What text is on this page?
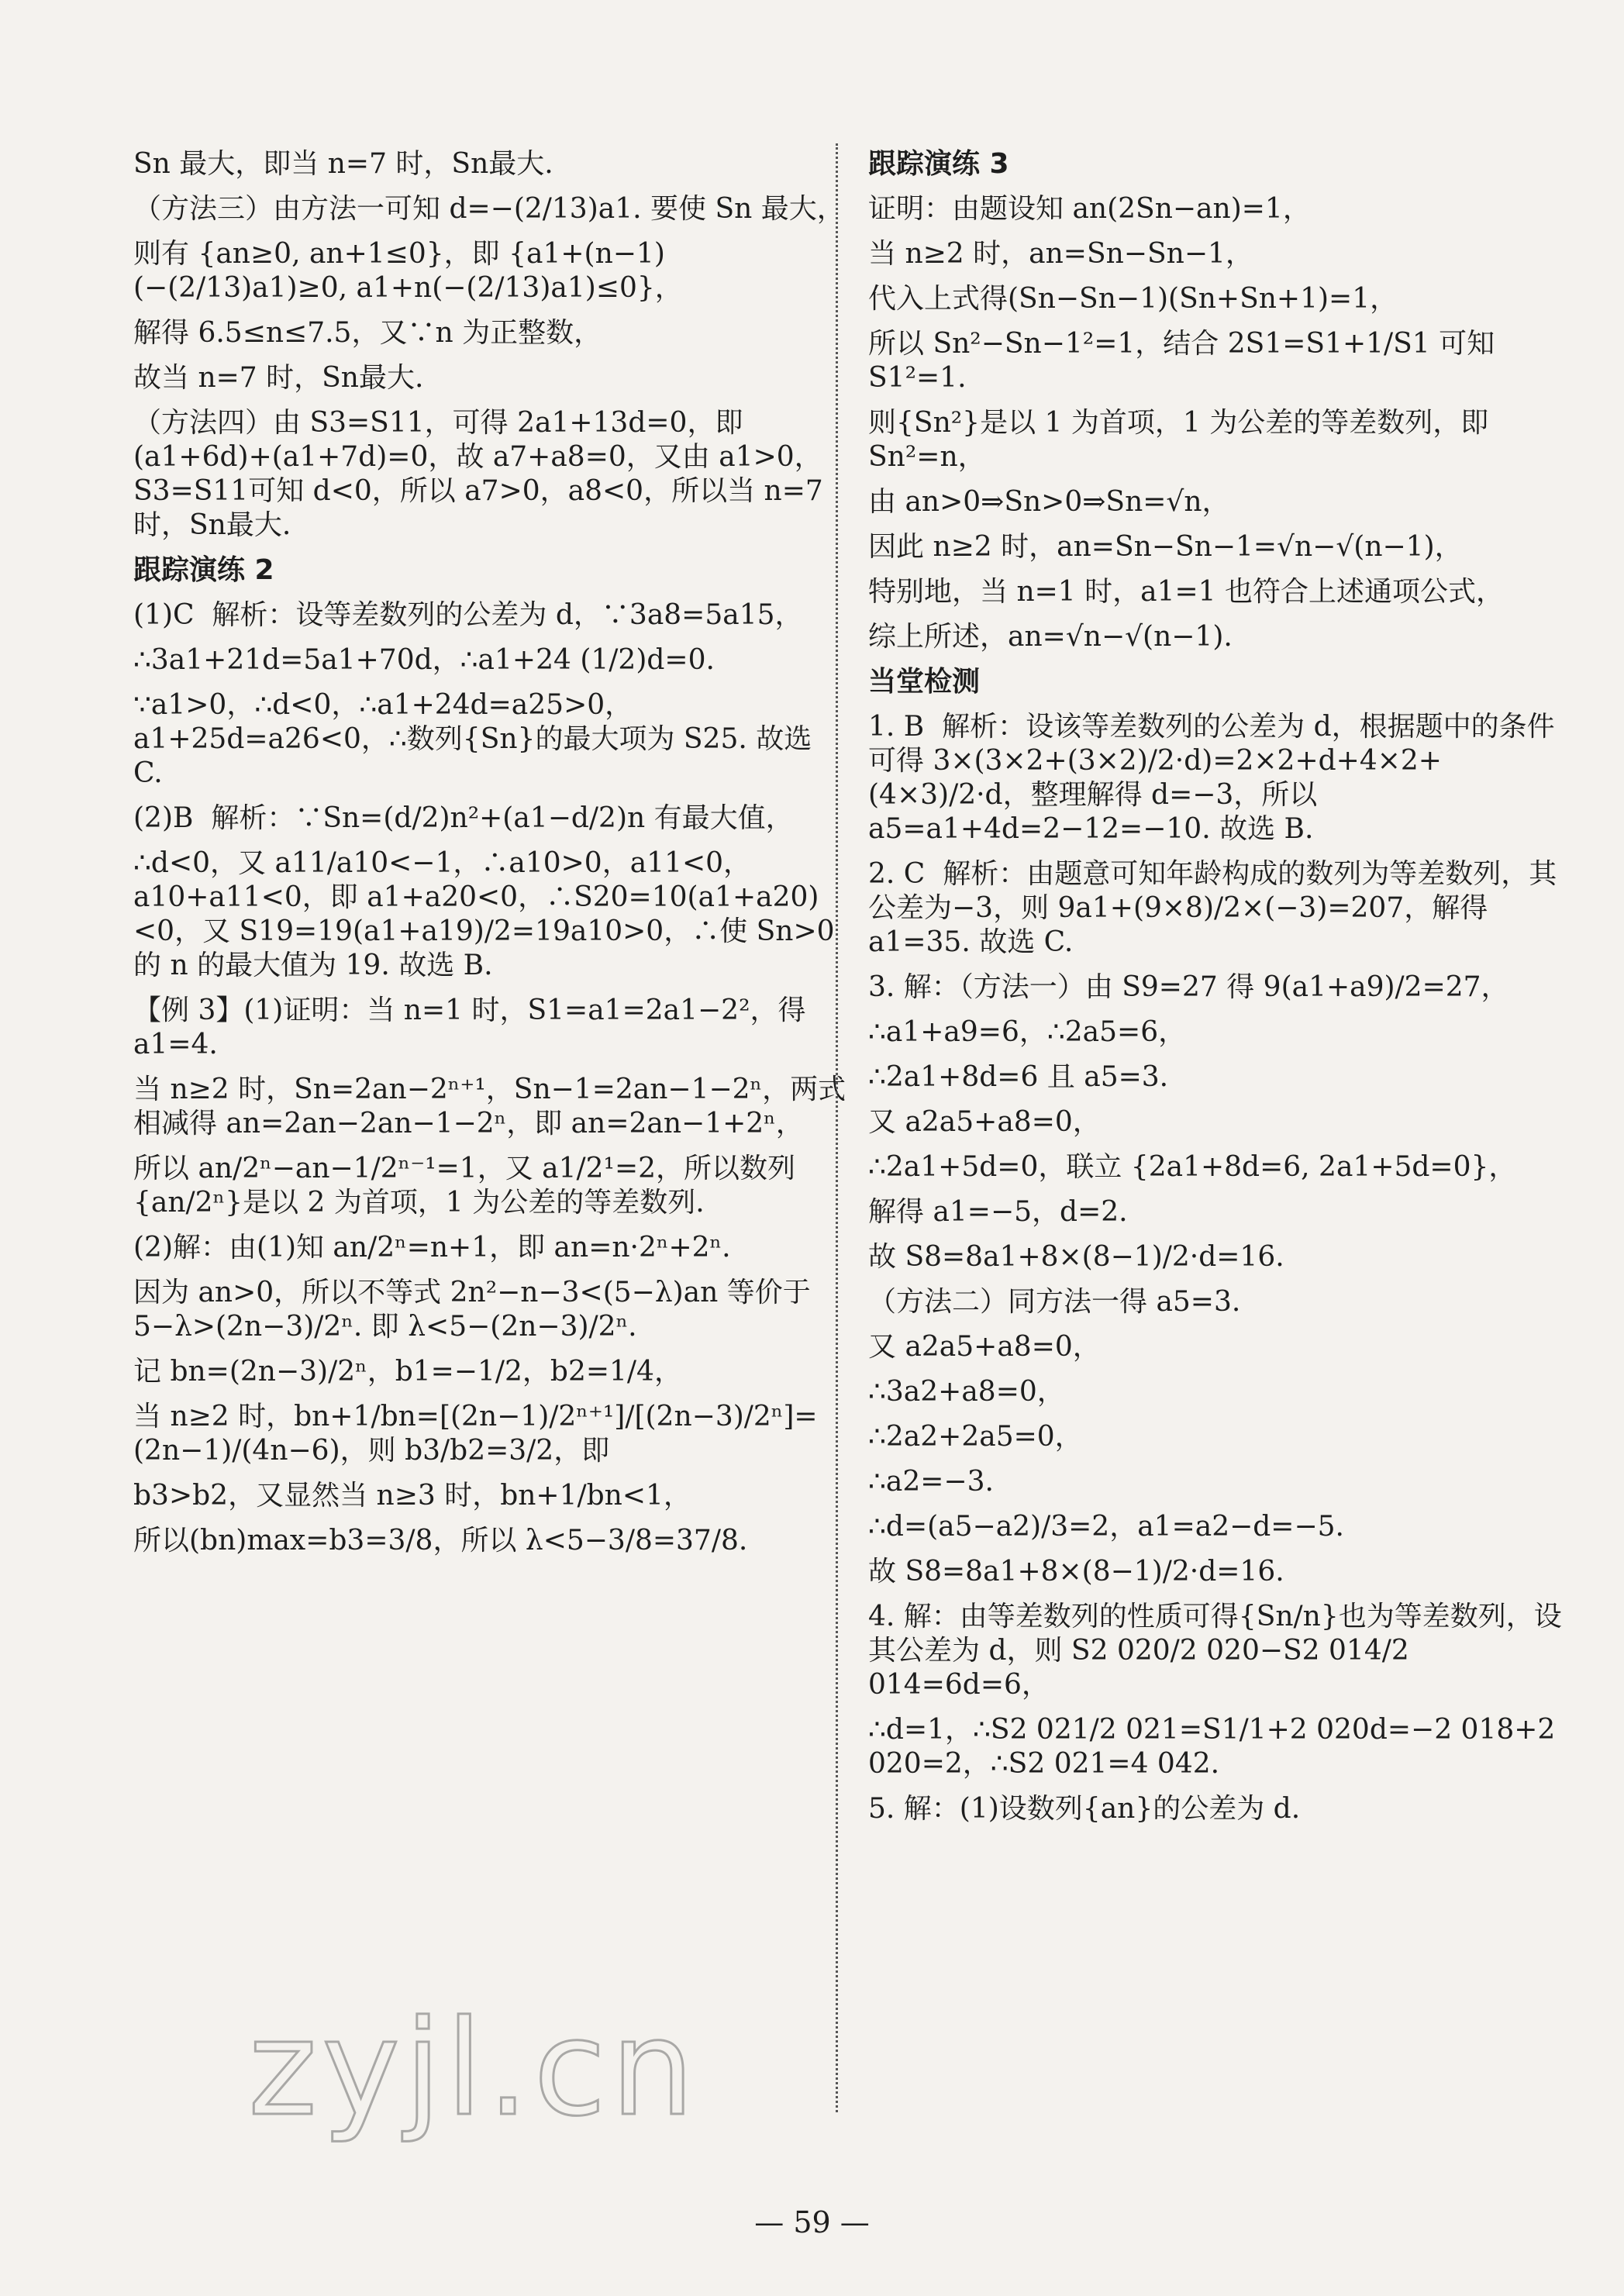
Sn 最大，即当 n=7 时，Sn最大.
（方法三）由方法一可知 d=−(2/13)a1. 要使 Sn 最大，
则有 {an≥0, an+1≤0}，即 {a1+(n−1)(−(2/13)a1)≥0, a1+n(−(2/13)a1)≤0}，
解得 6.5≤n≤7.5，又∵n 为正整数，
故当 n=7 时，Sn最大.
（方法四）由 S3=S11，可得 2a1+13d=0，即(a1+6d)+(a1+7d)=0，故 a7+a8=0，又由 a1>0，S3=S11可知 d<0，所以 a7>0，a8<0，所以当 n=7 时，Sn最大.
跟踪演练 2
(1)C  解析：设等差数列的公差为 d，∵3a8=5a15，
∴3a1+21d=5a1+70d，∴a1+24 (1/2)d=0.
∵a1>0，∴d<0，∴a1+24d=a25>0，a1+25d=a26<0，∴数列{Sn}的最大项为 S25. 故选 C.
(2)B  解析：∵Sn=(d/2)n²+(a1−d/2)n 有最大值，
∴d<0，又 a11/a10<−1，∴a10>0，a11<0，a10+a11<0，即 a1+a20<0，∴S20=10(a1+a20)<0，又 S19=19(a1+a19)/2=19a10>0，∴使 Sn>0 的 n 的最大值为 19. 故选 B.
【例 3】(1)证明：当 n=1 时，S1=a1=2a1−2²，得 a1=4.
当 n≥2 时，Sn=2an−2ⁿ⁺¹，Sn−1=2an−1−2ⁿ，两式相减得 an=2an−2an−1−2ⁿ，即 an=2an−1+2ⁿ，
所以 an/2ⁿ−an−1/2ⁿ⁻¹=1，又 a1/2¹=2，所以数列{an/2ⁿ}是以 2 为首项，1 为公差的等差数列.
(2)解：由(1)知 an/2ⁿ=n+1，即 an=n·2ⁿ+2ⁿ.
因为 an>0，所以不等式 2n²−n−3<(5−λ)an 等价于 5−λ>(2n−3)/2ⁿ. 即 λ<5−(2n−3)/2ⁿ.
记 bn=(2n−3)/2ⁿ，b1=−1/2，b2=1/4，
当 n≥2 时，bn+1/bn=[(2n−1)/2ⁿ⁺¹]/[(2n−3)/2ⁿ]=(2n−1)/(4n−6)，则 b3/b2=3/2，即
b3>b2，又显然当 n≥3 时，bn+1/bn<1，
所以(bn)max=b3=3/8，所以 λ<5−3/8=37/8.
跟踪演练 3
证明：由题设知 an(2Sn−an)=1，
当 n≥2 时，an=Sn−Sn−1，
代入上式得(Sn−Sn−1)(Sn+Sn+1)=1，
所以 Sn²−Sn−1²=1，结合 2S1=S1+1/S1 可知 S1²=1.
则{Sn²}是以 1 为首项，1 为公差的等差数列，即 Sn²=n，
由 an>0⇒Sn>0⇒Sn=√n，
因此 n≥2 时，an=Sn−Sn−1=√n−√(n−1)，
特别地，当 n=1 时，a1=1 也符合上述通项公式，
综上所述，an=√n−√(n−1).
当堂检测
1. B  解析：设该等差数列的公差为 d，根据题中的条件可得 3×(3×2+(3×2)/2·d)=2×2+d+4×2+(4×3)/2·d，整理解得 d=−3，所以 a5=a1+4d=2−12=−10. 故选 B.
2. C  解析：由题意可知年龄构成的数列为等差数列，其公差为−3，则 9a1+(9×8)/2×(−3)=207，解得 a1=35. 故选 C.
3. 解：（方法一）由 S9=27 得 9(a1+a9)/2=27，
∴a1+a9=6，∴2a5=6，
∴2a1+8d=6 且 a5=3.
又 a2a5+a8=0，
∴2a1+5d=0，联立 {2a1+8d=6, 2a1+5d=0}，
解得 a1=−5，d=2.
故 S8=8a1+8×(8−1)/2·d=16.
（方法二）同方法一得 a5=3.
又 a2a5+a8=0，
∴3a2+a8=0，
∴2a2+2a5=0，
∴a2=−3.
∴d=(a5−a2)/3=2，a1=a2−d=−5.
故 S8=8a1+8×(8−1)/2·d=16.
4. 解：由等差数列的性质可得{Sn/n}也为等差数列，设其公差为 d，则 S2 020/2 020−S2 014/2 014=6d=6，
∴d=1，∴S2 021/2 021=S1/1+2 020d=−2 018+2 020=2，∴S2 021=4 042.
5. 解：(1)设数列{an}的公差为 d.
— 59 —
zyjl.cn
